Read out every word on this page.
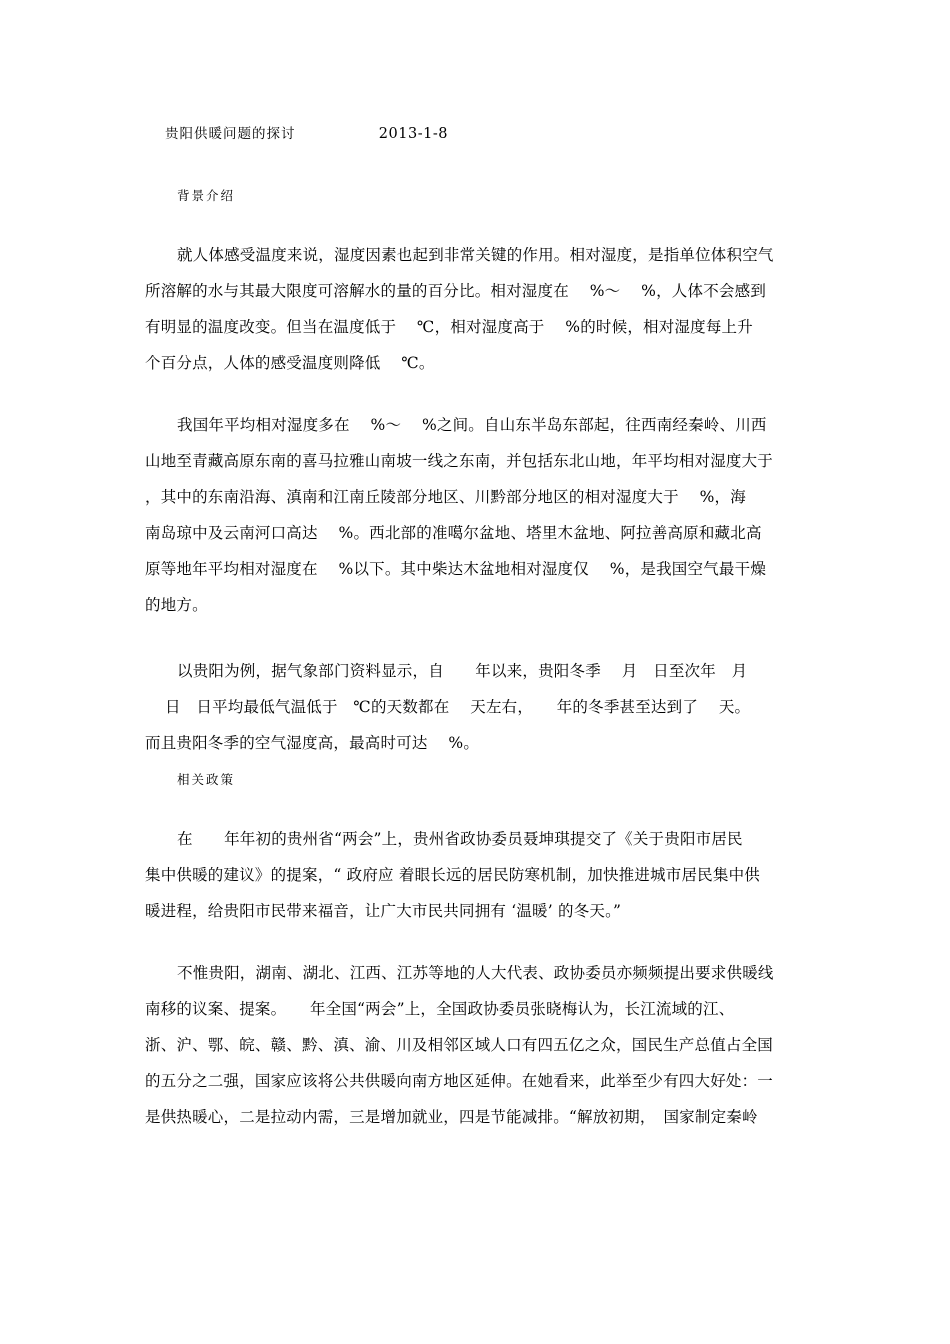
贵阳供暖问题的探讨	2013-1-8
背景介绍
就人体感受温度来说，湿度因素也起到非常关键的作用。相对湿度，是指单位体积空气
所溶解的水与其最大限度可溶解水的量的百分比。相对湿度在　 %～　 %，人体不会感到
有明显的温度改变。但当在温度低于　 ℃，相对湿度高于　 %的时候，相对湿度每上升
个百分点，人体的感受温度则降低　 ℃。
我国年平均相对湿度多在　 %～　 %之间。自山东半岛东部起，往西南经秦岭、川西
山地至青藏高原东南的喜马拉雅山南坡一线之东南，并包括东北山地，年平均相对湿度大于
，其中的东南沿海、滇南和江南丘陵部分地区、川黔部分地区的相对湿度大于　 %，海
南岛琼中及云南河口高达　 %。西北部的准噶尔盆地、塔里木盆地、阿拉善高原和藏北高
原等地年平均相对湿度在　 %以下。其中柴达木盆地相对湿度仅　 %，是我国空气最干燥
的地方。
以贵阳为例，据气象部门资料显示，自　　年以来，贵阳冬季　 月　日至次年　月
日　日平均最低气温低于　℃的天数都在　 天左右，　　年的冬季甚至达到了　 天。
而且贵阳冬季的空气湿度高，最高时可达　 %。
相关政策
在　　年年初的贵州省“两会”上，贵州省政协委员聂坤琪提交了《关于贵阳市居民
集中供暖的建议》的提案，“ 政府应 着眼长远的居民防寒机制，加快推进城市居民集中供
暖进程，给贵阳市民带来福音，让广大市民共同拥有 ‘温暖’ 的冬天。”
不惟贵阳，湖南、湖北、江西、江苏等地的人大代表、政协委员亦频频提出要求供暖线
南移的议案、提案。　　年全国“两会”上，全国政协委员张晓梅认为，长江流域的江、
浙、沪、鄂、皖、赣、黔、滇、渝、川及相邻区域人口有四五亿之众，国民生产总值占全国
的五分之二强，国家应该将公共供暖向南方地区延伸。在她看来，此举至少有四大好处：一
是供热暖心，二是拉动内需，三是增加就业，四是节能减排。“解放初期，　国家制定秦岭
